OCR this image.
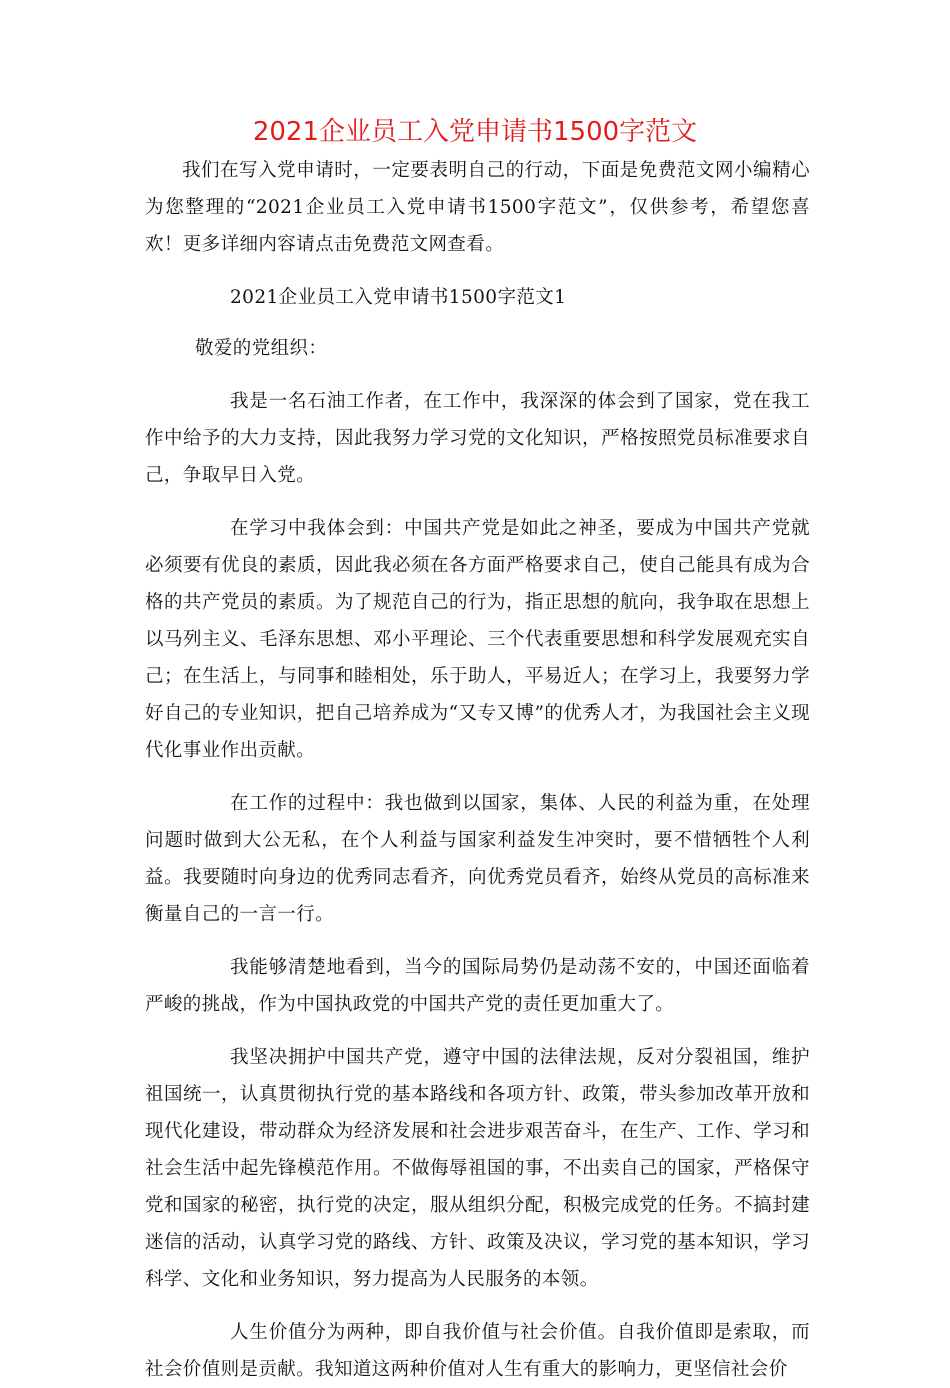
2021企业员工入党申请书1500字范文

我们在写入党申请时，一定要表明自己的行动，下面是免费范文网小编精心为您整理的“2021企业员工入党申请书1500字范文”，仅供参考，希望您喜欢！更多详细内容请点击免费范文网查看。

2021企业员工入党申请书1500字范文1

敬爱的党组织：

我是一名石油工作者，在工作中，我深深的体会到了国家，党在我工作中给予的大力支持，因此我努力学习党的文化知识，严格按照党员标准要求自己，争取早日入党。

在学习中我体会到：中国共产党是如此之神圣，要成为中国共产党就必须要有优良的素质，因此我必须在各方面严格要求自己，使自己能具有成为合格的共产党员的素质。为了规范自己的行为，指正思想的航向，我争取在思想上以马列主义、毛泽东思想、邓小平理论、三个代表重要思想和科学发展观充实自己；在生活上，与同事和睦相处，乐于助人，平易近人；在学习上，我要努力学好自己的专业知识，把自己培养成为“又专又博”的优秀人才，为我国社会主义现代化事业作出贡献。

在工作的过程中：我也做到以国家，集体、人民的利益为重，在处理问题时做到大公无私，在个人利益与国家利益发生冲突时，要不惜牺牲个人利益。我要随时向身边的优秀同志看齐，向优秀党员看齐，始终从党员的高标准来衡量自己的一言一行。

我能够清楚地看到，当今的国际局势仍是动荡不安的，中国还面临着严峻的挑战，作为中国执政党的中国共产党的责任更加重大了。

我坚决拥护中国共产党，遵守中国的法律法规，反对分裂祖国，维护祖国统一，认真贯彻执行党的基本路线和各项方针、政策，带头参加改革开放和现代化建设，带动群众为经济发展和社会进步艰苦奋斗，在生产、工作、学习和社会生活中起先锋模范作用。不做侮辱祖国的事，不出卖自己的国家，严格保守党和国家的秘密，执行党的决定，服从组织分配，积极完成党的任务。不搞封建迷信的活动，认真学习党的路线、方针、政策及决议，学习党的基本知识，学习科学、文化和业务知识，努力提高为人民服务的本领。

人生价值分为两种，即自我价值与社会价值。自我价值即是索取，而社会价值则是贡献。我知道这两种价值对人生有重大的影响力，更坚信社会价
